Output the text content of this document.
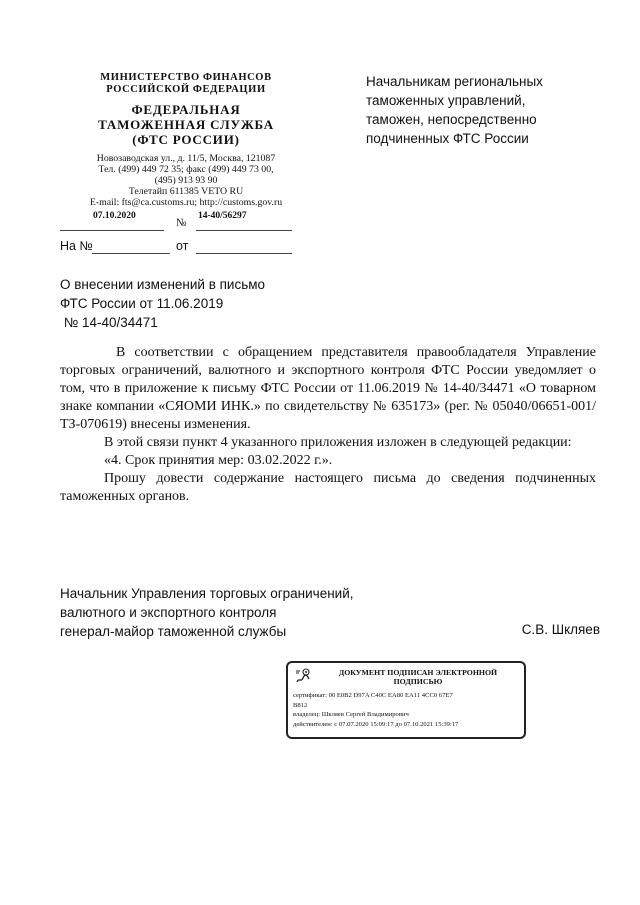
МИНИСТЕРСТВО ФИНАНСОВ
РОССИЙСКОЙ ФЕДЕРАЦИИ
ФЕДЕРАЛЬНАЯ
ТАМОЖЕННАЯ СЛУЖБА
(ФТС РОССИИ)
Новозаводская ул., д. 11/5, Москва, 121087
Тел. (499) 449 72 35; факс (499) 449 73 00,
(495) 913 93 90
Телетайп 611385 VETO RU
E-mail: fts@ca.customs.ru; http://customs.gov.ru
07.10.2020
№
14-40/56297
На №	от
Начальникам региональных
таможенных управлений,
таможен, непосредственно
подчиненных ФТС России
О внесении изменений в письмо
ФТС России от 11.06.2019
№ 14-40/34471

В соответствии с обращением представителя правообладателя Управление торговых ограничений, валютного и экспортного контроля ФТС России уведомляет о том, что в приложение к письму ФТС России от 11.06.2019 № 14-40/34471 «О товарном знаке компании «СЯОМИ ИНК.» по свидетельству № 635173» (рег. № 05040/06651-001/ТЗ-070619) внесены изменения.

В этой связи пункт 4 указанного приложения изложен в следующей редакции:

«4. Срок принятия мер: 03.02.2022 г.».

Прошу довести содержание настоящего письма до сведения подчиненных таможенных органов.

Начальник Управления торговых ограничений,
валютного и экспортного контроля
генерал-майор таможенной службы	С.В. Шкляев
ДОКУМЕНТ ПОДПИСАН ЭЛЕКТРОННОЙ
ПОДПИСЬЮ
сертификат: 00 E0B2 D97A C40C EA80 EA11 4CC0 67E7
B812
владелец: Шкляев Сергей Владимирович
действителен: с 07.07.2020 15:09:17 до 07.10.2021 15:39:17
